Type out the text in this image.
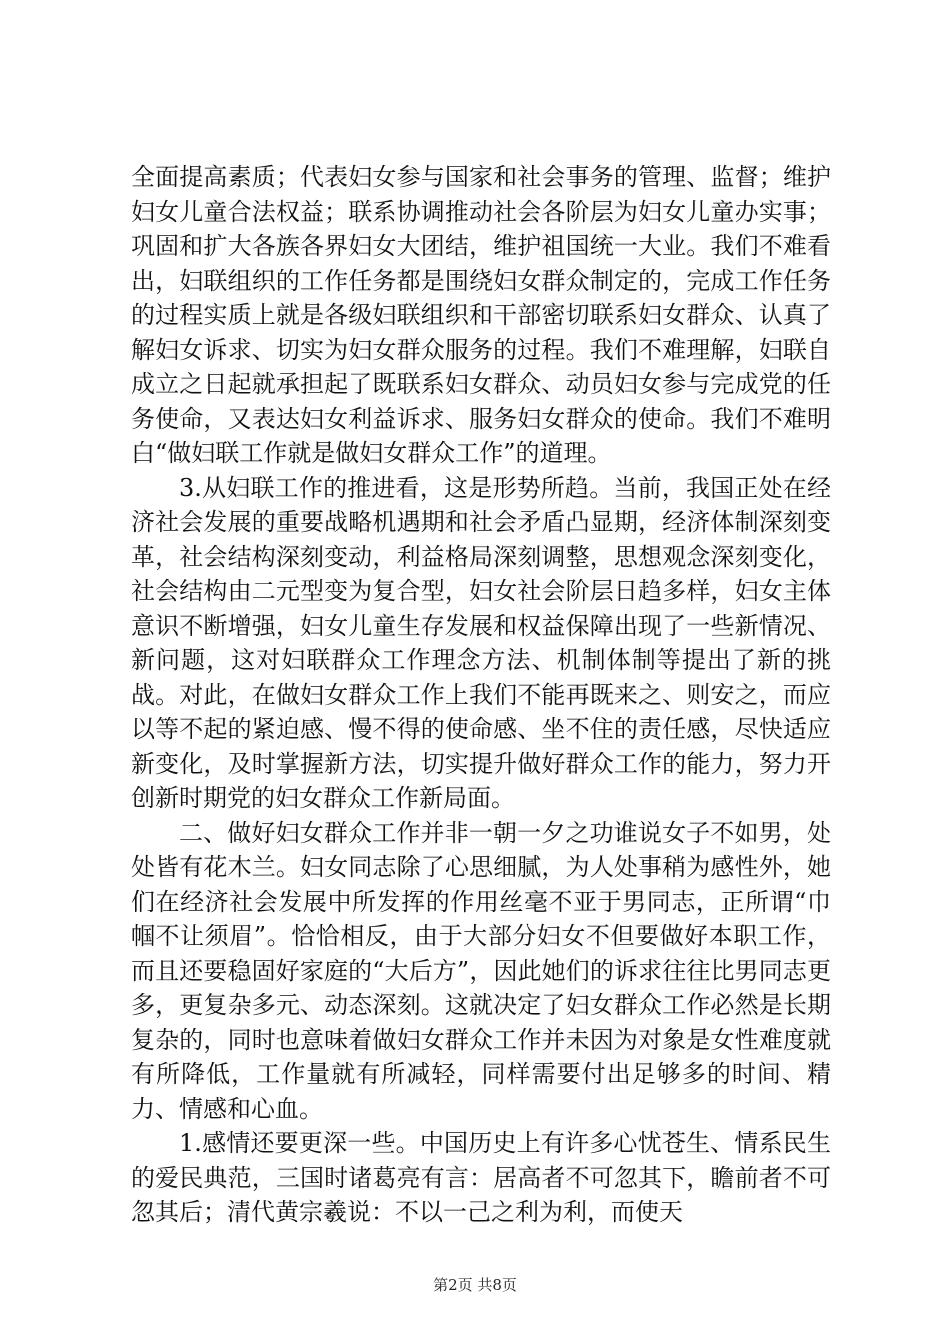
全面提高素质；代表妇女参与国家和社会事务的管理、监督；维护妇女儿童合法权益；联系协调推动社会各阶层为妇女儿童办实事；巩固和扩大各族各界妇女大团结，维护祖国统一大业。我们不难看出，妇联组织的工作任务都是围绕妇女群众制定的，完成工作任务的过程实质上就是各级妇联组织和干部密切联系妇女群众、认真了解妇女诉求、切实为妇女群众服务的过程。我们不难理解，妇联自成立之日起就承担起了既联系妇女群众、动员妇女参与完成党的任务使命，又表达妇女利益诉求、服务妇女群众的使命。我们不难明白“做妇联工作就是做妇女群众工作”的道理。

3.从妇联工作的推进看，这是形势所趋。当前，我国正处在经济社会发展的重要战略机遇期和社会矛盾凸显期，经济体制深刻变革，社会结构深刻变动，利益格局深刻调整，思想观念深刻变化，社会结构由二元型变为复合型，妇女社会阶层日趋多样，妇女主体意识不断增强，妇女儿童生存发展和权益保障出现了一些新情况、新问题，这对妇联群众工作理念方法、机制体制等提出了新的挑战。对此，在做妇女群众工作上我们不能再既来之、则安之，而应以等不起的紧迫感、慢不得的使命感、坐不住的责任感，尽快适应新变化，及时掌握新方法，切实提升做好群众工作的能力，努力开创新时期党的妇女群众工作新局面。

二、做好妇女群众工作并非一朝一夕之功谁说女子不如男，处处皆有花木兰。妇女同志除了心思细腻，为人处事稍为感性外，她们在经济社会发展中所发挥的作用丝毫不亚于男同志，正所谓“巾帼不让须眉”。恰恰相反，由于大部分妇女不但要做好本职工作，而且还要稳固好家庭的“大后方”，因此她们的诉求往往比男同志更多，更复杂多元、动态深刻。这就决定了妇女群众工作必然是长期复杂的，同时也意味着做妇女群众工作并未因为对象是女性难度就有所降低，工作量就有所减轻，同样需要付出足够多的时间、精力、情感和心血。

1.感情还要更深一些。中国历史上有许多心忧苍生、情系民生的爱民典范，三国时诸葛亮有言：居高者不可忽其下，瞻前者不可忽其后；清代黄宗羲说：不以一己之利为利，而使天

第2页 共8页
